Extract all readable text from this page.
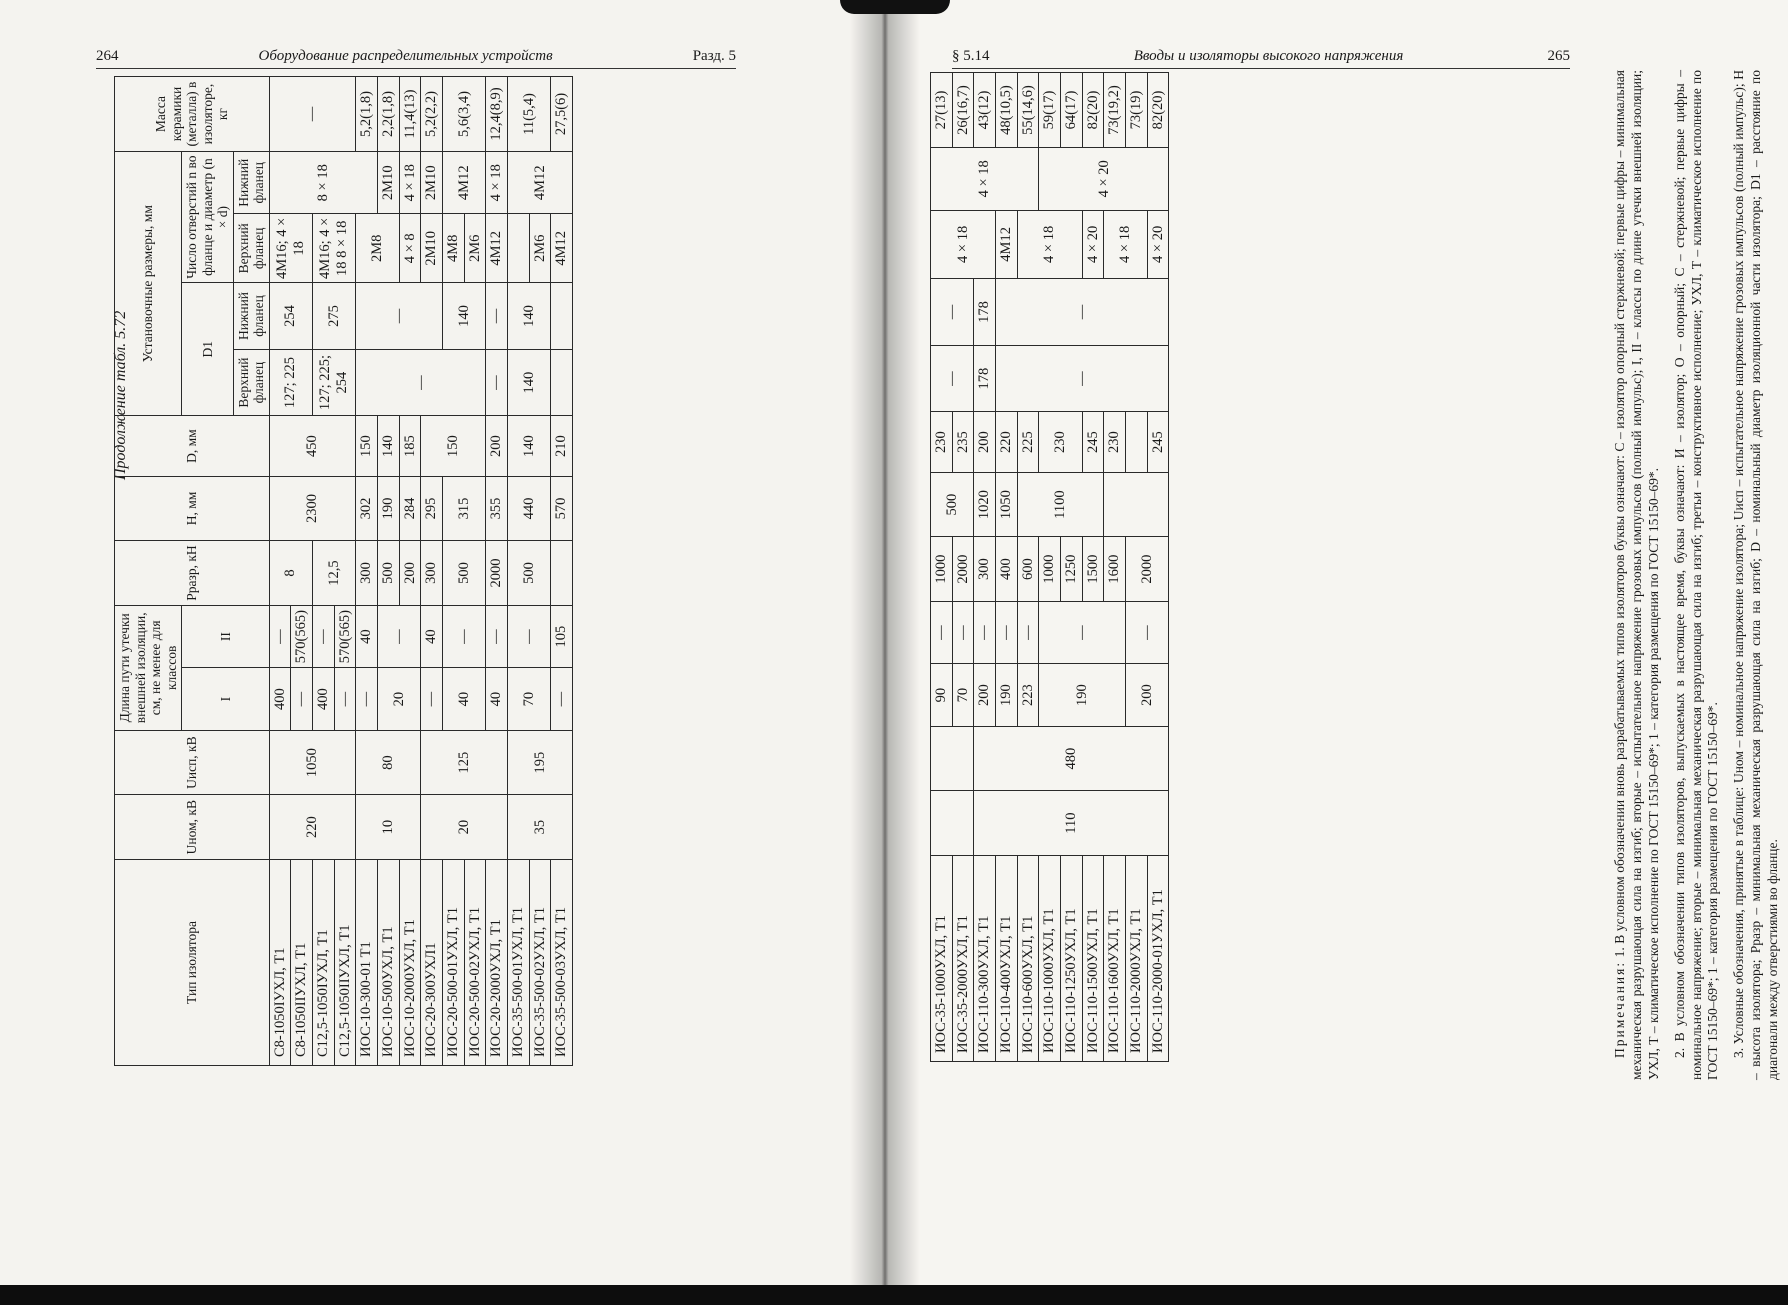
264	Оборудование распределительных устройств	Разд. 5
Продолжение табл. 5.72
Тип изолятора	Uном, кВ	Uисп, кВ	Длина пути утечки внешней изоляции, см, не менее для классов		Pразр, кН	H, мм	D, мм	Установочные размеры, мм				Масса керамики (металла) в изоляторе, кг
			I	II				D1		Число отверстий n во фланце и диаметр (n × d)		
								Верхний фланец	Нижний фланец	Верхний фланец	Нижний фланец	
С8-1050IУХЛ, Т1	220	1050	400	—	8	2300	450	127; 225	254	4М16; 4 × 18	8 × 18	—
С8-1050IIУХЛ, Т1			—	570(565)								
С12,5-1050IУХЛ, Т1			400	—	12,5			127; 225; 254	275	4М16; 4 × 18 8 × 18		
С12,5-1050IIУХЛ, Т1			—	570(565)								
ИОС-10-300-01 Т1	10	80	—	40	300	302	150	—	—	2М8		5,2(1,8)
ИОС-10-500УХЛ, Т1			20	—	500	190	140				2М10	2,2(1,8)
ИОС-10-2000УХЛ, Т1					200	284	185			4 × 8	4 × 18	11,4(13)
ИОС-20-300УХЛ1	20	125	—	40	300	295	150			2М10	2М10	5,2(2,2)
ИОС-20-500-01УХЛ, Т1			40	—	500	315			140	4М8	4М12	5,6(3,4)
ИОС-20-500-02УХЛ, Т1										2М6		
ИОС-20-2000УХЛ, Т1			40	—	2000	355	200	—	—	4М12	4 × 18	12,4(8,9)
ИОС-35-500-01УХЛ, Т1	35	195	70	—	500	440	140	140	140		4М12	11(5,4)
ИОС-35-500-02УХЛ, Т1										2М6		
ИОС-35-500-03УХЛ, Т1			—	105		570	210			4М12		27,5(6)
§ 5.14	Вводы и изоляторы высокого напряжения	265
ИОС-35-1000УХЛ, Т1			90	—	1000	500	230	—	—	4 × 18	4 × 18	27(13)
ИОС-35-2000УХЛ, Т1			70	—	2000		235					26(16,7)
ИОС-110-300УХЛ, Т1	110	480	200	—	300	1020	200	178	178			43(12)
ИОС-110-400УХЛ, Т1			190	—	400	1050	220	—	—	4М12		48(10,5)
ИОС-110-600УХЛ, Т1			223	—	600	1100	225			4 × 18		55(14,6)
ИОС-110-1000УХЛ, Т1			190	—	1000		230				4 × 20	59(17)
ИОС-110-1250УХЛ, Т1					1250							64(17)
ИОС-110-1500УХЛ, Т1					1500		245			4 × 20		82(20)
ИОС-110-1600УХЛ, Т1					1600		230			4 × 18		73(19,2)
ИОС-110-2000УХЛ, Т1			200	—	2000							73(19)
ИОС-110-2000-01УХЛ, Т1							245			4 × 20		82(20)

Примечания: 1. В условном обозначении вновь разрабатываемых типов изоляторов буквы означают: С – изолятор опорный стержневой; первые цифры – минимальная механическая разрушающая сила на изгиб; вторые – испытательное напряжение грозовых импульсов (полный импульс); I, II – классы по длине утечки внешней изоляции; УХЛ, Т – климатическое исполнение по ГОСТ 15150–69*; 1 – категория размещения по ГОСТ 15150–69*. 2. В условном обозначении типов изоляторов, выпускаемых в настоящее время, буквы означают: И – изолятор; О – опорный; С – стержневой; первые цифры – номинальное напряжение; вторые – минимальная механическая разрушающая сила на изгиб; третьи – конструктивное исполнение; УХЛ, Т – климатическое исполнение по ГОСТ 15150–69*; 1 – категория размещения по ГОСТ 15150–69*. 3. Условные обозначения, принятые в таблице: Uном – номинальное напряжение изолятора; Uисп – испытательное напряжение грозовых импульсов (полный импульс); H – высота изолятора; Pразр – минимальная механическая разрушающая сила на изгиб; D – номинальный диаметр изоляционной части изолятора; D1 – расстояние по диагонали между отверстиями во фланце.
